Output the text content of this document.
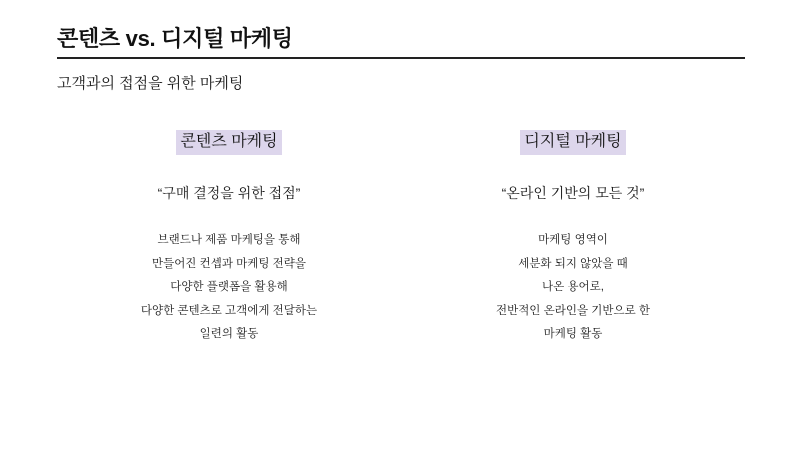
콘텐츠 vs. 디지털 마케팅
고객과의 접점을 위한 마케팅
콘텐츠 마케팅
“구매 결정을 위한 접점”
브랜드나 제품 마케팅을 통해
만들어진 컨셉과 마케팅 전략을
다양한 플랫폼을 활용해
다양한 콘텐츠로 고객에게 전달하는
일련의 활동
디지털 마케팅
“온라인 기반의 모든 것”
마케팅 영역이
세분화 되지 않았을 때
나온 용어로,
전반적인 온라인을 기반으로 한
마케팅 활동
